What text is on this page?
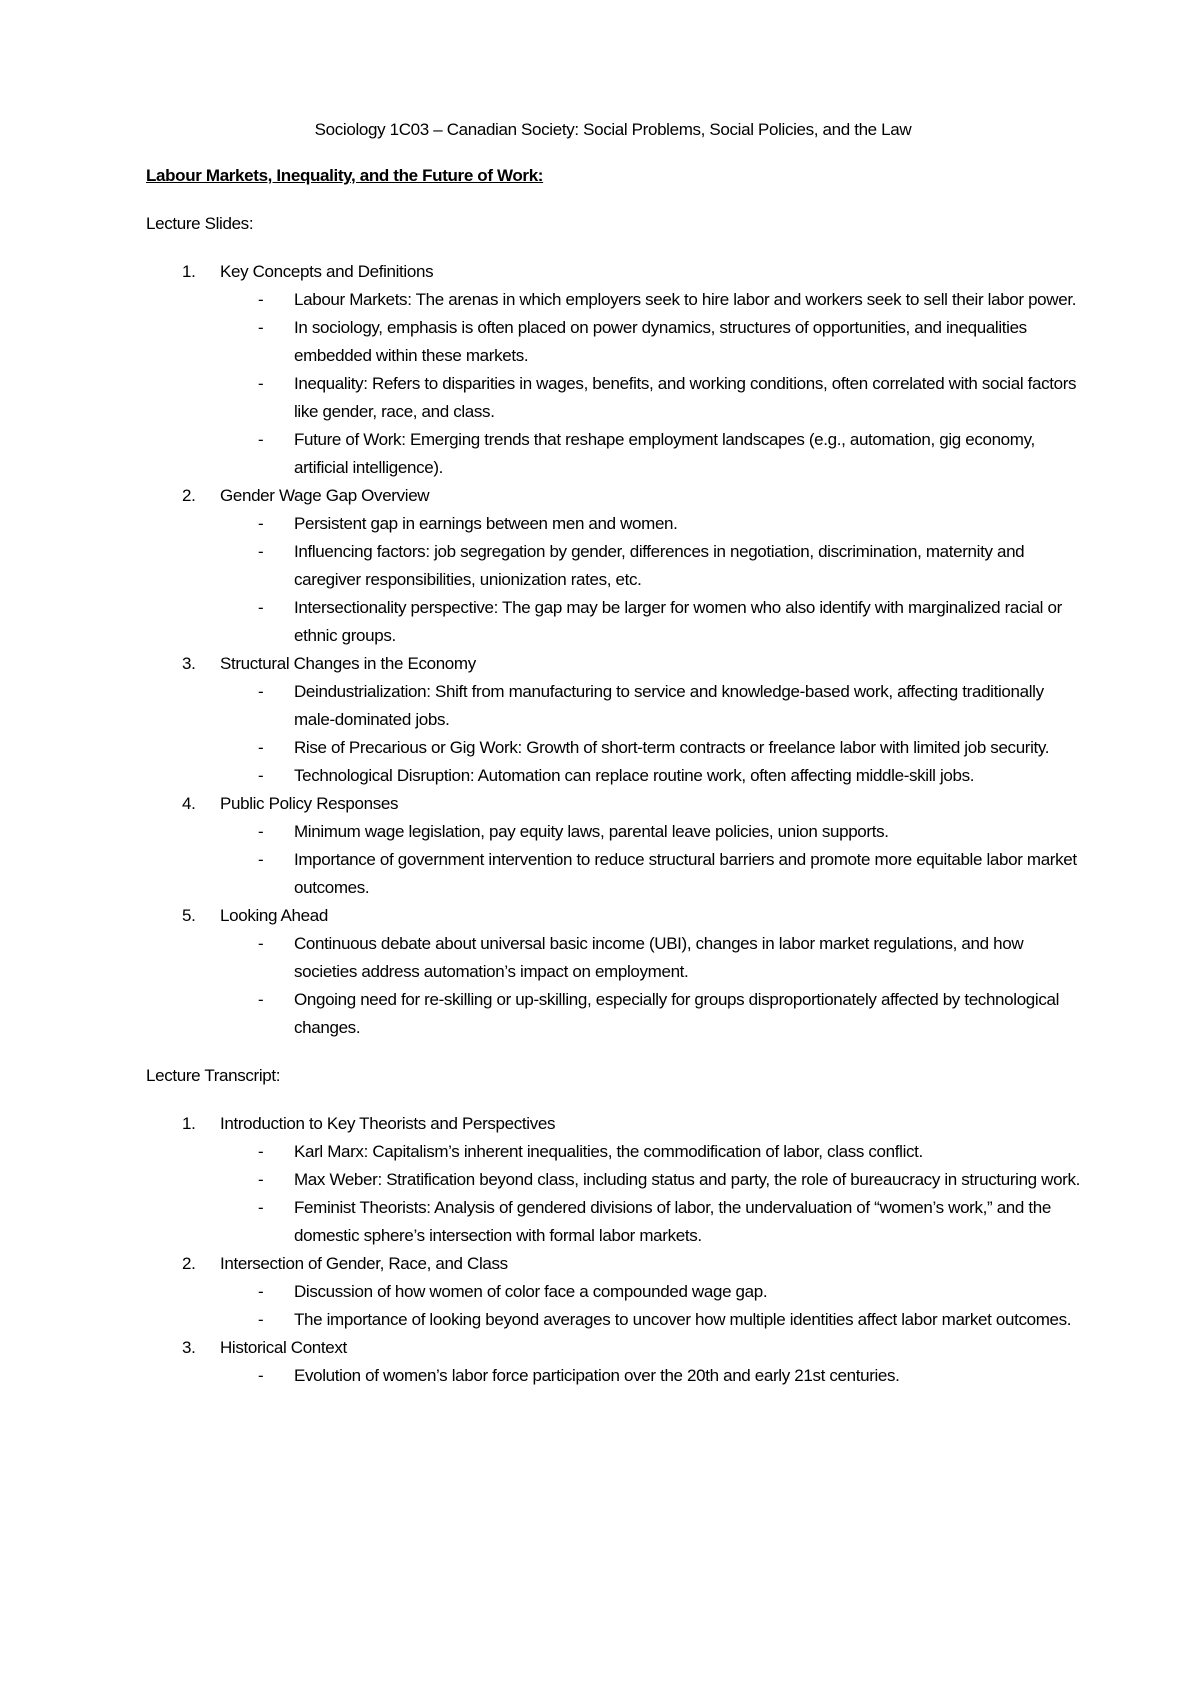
Sociology 1C03 – Canadian Society: Social Problems, Social Policies, and the Law
Labour Markets, Inequality, and the Future of Work:
Lecture Slides:
1. Key Concepts and Definitions
- Labour Markets: The arenas in which employers seek to hire labor and workers seek to sell their labor power.
- In sociology, emphasis is often placed on power dynamics, structures of opportunities, and inequalities embedded within these markets.
- Inequality: Refers to disparities in wages, benefits, and working conditions, often correlated with social factors like gender, race, and class.
- Future of Work: Emerging trends that reshape employment landscapes (e.g., automation, gig economy, artificial intelligence).
2. Gender Wage Gap Overview
- Persistent gap in earnings between men and women.
- Influencing factors: job segregation by gender, differences in negotiation, discrimination, maternity and caregiver responsibilities, unionization rates, etc.
- Intersectionality perspective: The gap may be larger for women who also identify with marginalized racial or ethnic groups.
3. Structural Changes in the Economy
- Deindustrialization: Shift from manufacturing to service and knowledge-based work, affecting traditionally male-dominated jobs.
- Rise of Precarious or Gig Work: Growth of short-term contracts or freelance labor with limited job security.
- Technological Disruption: Automation can replace routine work, often affecting middle-skill jobs.
4. Public Policy Responses
- Minimum wage legislation, pay equity laws, parental leave policies, union supports.
- Importance of government intervention to reduce structural barriers and promote more equitable labor market outcomes.
5. Looking Ahead
- Continuous debate about universal basic income (UBI), changes in labor market regulations, and how societies address automation’s impact on employment.
- Ongoing need for re-skilling or up-skilling, especially for groups disproportionately affected by technological changes.
Lecture Transcript:
1. Introduction to Key Theorists and Perspectives
- Karl Marx: Capitalism’s inherent inequalities, the commodification of labor, class conflict.
- Max Weber: Stratification beyond class, including status and party, the role of bureaucracy in structuring work.
- Feminist Theorists: Analysis of gendered divisions of labor, the undervaluation of “women’s work,” and the domestic sphere’s intersection with formal labor markets.
2. Intersection of Gender, Race, and Class
- Discussion of how women of color face a compounded wage gap.
- The importance of looking beyond averages to uncover how multiple identities affect labor market outcomes.
3. Historical Context
- Evolution of women’s labor force participation over the 20th and early 21st centuries.
